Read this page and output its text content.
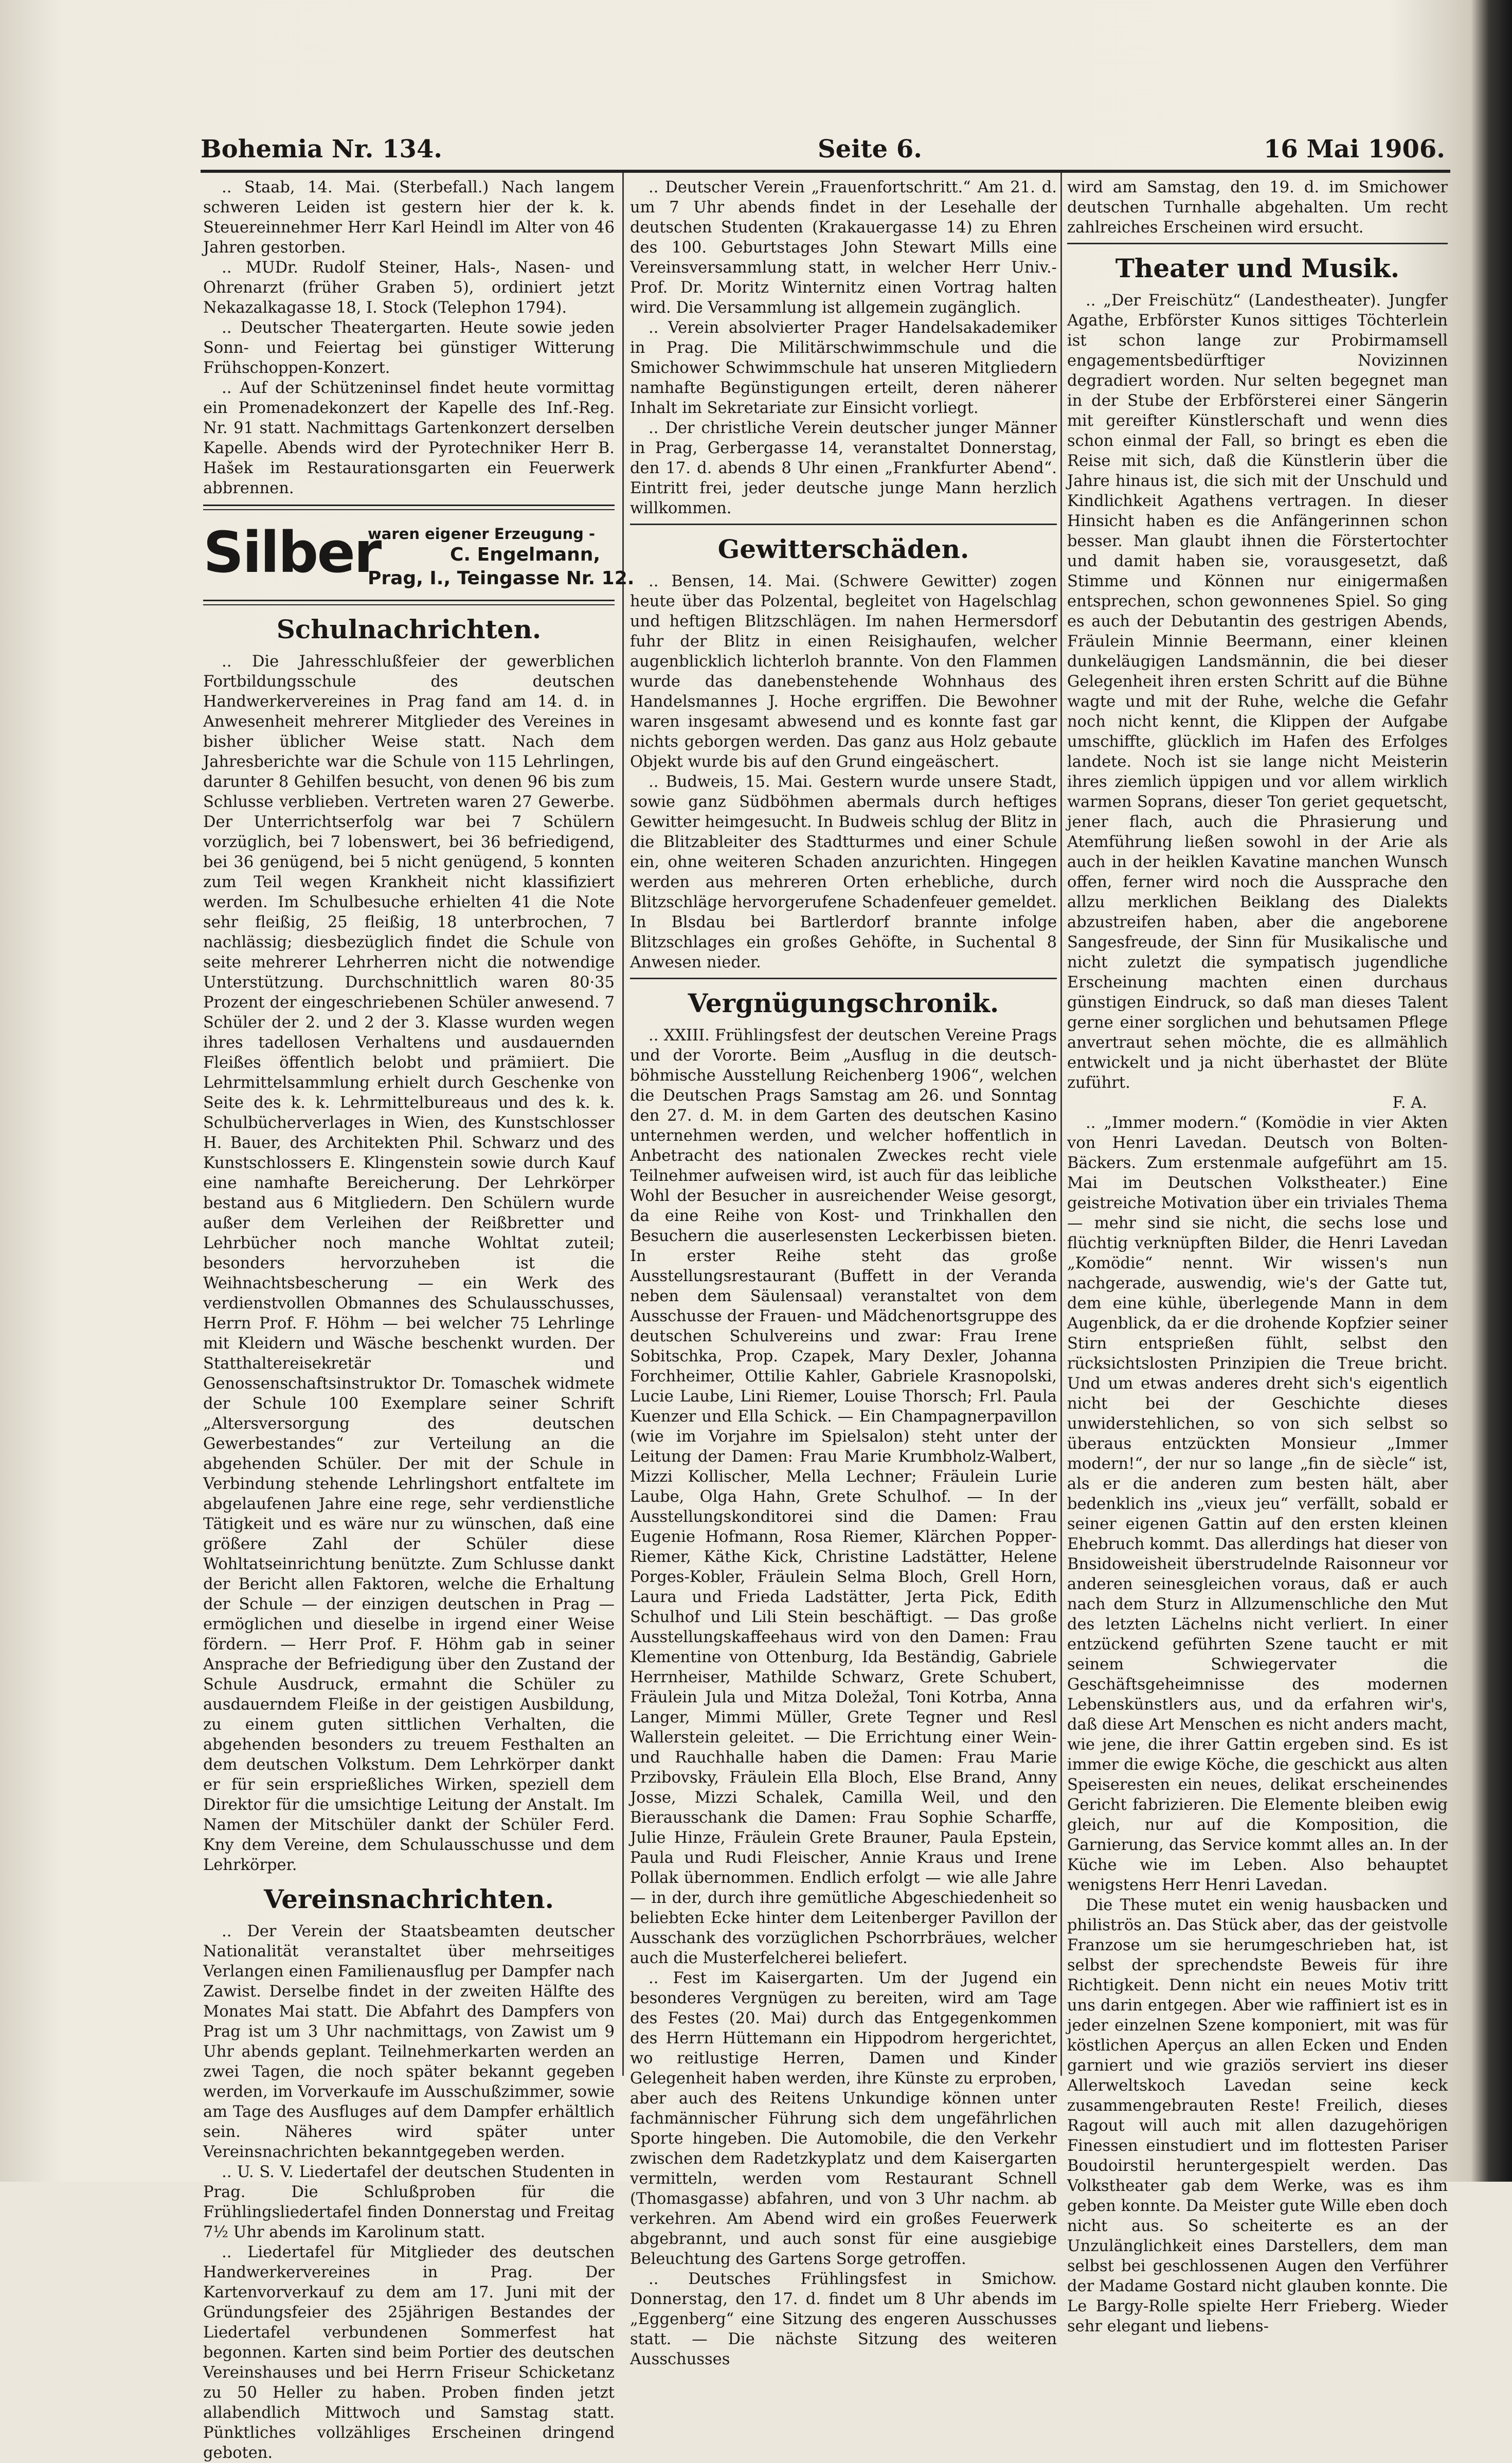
Bohemia Nr. 134.	Seite 6.	16 Mai 1906.

.. Staab, 14. Mai. (Sterbefall.) Nach langem schweren Leiden ist gestern hier der k. k. Steuereinnehmer Herr Karl Heindl im Alter von 46 Jahren gestorben.

.. MUDr. Rudolf Steiner, Hals-, Nasen- und Ohrenarzt (früher Graben 5), ordiniert jetzt Nekazalkagasse 18, I. Stock (Telephon 1794).

.. Deutscher Theatergarten. Heute sowie jeden Sonn- und Feiertag bei günstiger Witterung Frühschoppen-Konzert.

.. Auf der Schützeninsel findet heute vormittag ein Promenadekonzert der Kapelle des Inf.-Reg. Nr. 91 statt. Nachmittags Gartenkonzert derselben Kapelle. Abends wird der Pyrotechniker Herr B. Hašek im Restaurationsgarten ein Feuerwerk abbrennen.

Silber
waren eigener Erzeugung -
C. Engelmann,
Prag, I., Teingasse Nr. 12.
Schulnachrichten.

.. Die Jahresschlußfeier der gewerblichen Fortbildungsschule des deutschen Handwerkervereines in Prag fand am 14. d. in Anwesenheit mehrerer Mitglieder des Vereines in bisher üblicher Weise statt. Nach dem Jahresberichte war die Schule von 115 Lehrlingen, darunter 8 Gehilfen besucht, von denen 96 bis zum Schlusse verblieben. Vertreten waren 27 Gewerbe. Der Unterrichtserfolg war bei 7 Schülern vorzüglich, bei 7 lobenswert, bei 36 befriedigend, bei 36 genügend, bei 5 nicht genügend, 5 konnten zum Teil wegen Krankheit nicht klassifiziert werden. Im Schulbesuche erhielten 41 die Note sehr fleißig, 25 fleißig, 18 unterbrochen, 7 nachlässig; diesbezüglich findet die Schule von seite mehrerer Lehrherren nicht die notwendige Unterstützung. Durchschnittlich waren 80·35 Prozent der eingeschriebenen Schüler anwesend. 7 Schüler der 2. und 2 der 3. Klasse wurden wegen ihres tadellosen Verhaltens und ausdauernden Fleißes öffentlich belobt und prämiiert. Die Lehrmittelsammlung erhielt durch Geschenke von Seite des k. k. Lehrmittelbureaus und des k. k. Schulbücherverlages in Wien, des Kunstschlosser H. Bauer, des Architekten Phil. Schwarz und des Kunstschlossers E. Klingenstein sowie durch Kauf eine namhafte Bereicherung. Der Lehrkörper bestand aus 6 Mitgliedern. Den Schülern wurde außer dem Verleihen der Reißbretter und Lehrbücher noch manche Wohltat zuteil; besonders hervorzuheben ist die Weihnachtsbescherung — ein Werk des verdienstvollen Obmannes des Schulausschusses, Herrn Prof. F. Höhm — bei welcher 75 Lehrlinge mit Kleidern und Wäsche beschenkt wurden. Der Statthaltereisekretär und Genossenschaftsinstruktor Dr. Tomaschek widmete der Schule 100 Exemplare seiner Schrift „Altersversorgung des deutschen Gewerbestandes“ zur Verteilung an die abgehenden Schüler. Der mit der Schule in Verbindung stehende Lehrlingshort entfaltete im abgelaufenen Jahre eine rege, sehr verdienstliche Tätigkeit und es wäre nur zu wünschen, daß eine größere Zahl der Schüler diese Wohltatseinrichtung benützte. Zum Schlusse dankt der Bericht allen Faktoren, welche die Erhaltung der Schule — der einzigen deutschen in Prag — ermöglichen und dieselbe in irgend einer Weise fördern. — Herr Prof. F. Höhm gab in seiner Ansprache der Befriedigung über den Zustand der Schule Ausdruck, ermahnt die Schüler zu ausdauerndem Fleiße in der geistigen Ausbildung, zu einem guten sittlichen Verhalten, die abgehenden besonders zu treuem Festhalten an dem deutschen Volkstum. Dem Lehrkörper dankt er für sein ersprießliches Wirken, speziell dem Direktor für die umsichtige Leitung der Anstalt. Im Namen der Mitschüler dankt der Schüler Ferd. Kny dem Vereine, dem Schulausschusse und dem Lehrkörper.

Vereinsnachrichten.

.. Der Verein der Staatsbeamten deutscher Nationalität veranstaltet über mehrseitiges Verlangen einen Familienausflug per Dampfer nach Zawist. Derselbe findet in der zweiten Hälfte des Monates Mai statt. Die Abfahrt des Dampfers von Prag ist um 3 Uhr nachmittags, von Zawist um 9 Uhr abends geplant. Teilnehmerkarten werden an zwei Tagen, die noch später bekannt gegeben werden, im Vorverkaufe im Ausschußzimmer, sowie am Tage des Ausfluges auf dem Dampfer erhältlich sein. Näheres wird später unter Vereinsnachrichten bekanntgegeben werden.

.. U. S. V. Liedertafel der deutschen Studenten in Prag. Die Schlußproben für die Frühlingsliedertafel finden Donnerstag und Freitag 7½ Uhr abends im Karolinum statt.

.. Liedertafel für Mitglieder des deutschen Handwerkervereines in Prag. Der Kartenvorverkauf zu dem am 17. Juni mit der Gründungsfeier des 25jährigen Bestandes der Liedertafel verbundenen Sommerfest hat begonnen. Karten sind beim Portier des deutschen Vereinshauses und bei Herrn Friseur Schicketanz zu 50 Heller zu haben. Proben finden jetzt allabendlich Mittwoch und Samstag statt. Pünktliches vollzähliges Erscheinen dringend geboten.

.. Deutscher Verein „Frauenfortschritt.“ Am 21. d. um 7 Uhr abends findet in der Lesehalle der deutschen Studenten (Krakauergasse 14) zu Ehren des 100. Geburtstages John Stewart Mills eine Vereinsversammlung statt, in welcher Herr Univ.-Prof. Dr. Moritz Winternitz einen Vortrag halten wird. Die Versammlung ist allgemein zugänglich.

.. Verein absolvierter Prager Handelsakademiker in Prag. Die Militärschwimmschule und die Smichower Schwimmschule hat unseren Mitgliedern namhafte Begünstigungen erteilt, deren näherer Inhalt im Sekretariate zur Einsicht vorliegt.

.. Der christliche Verein deutscher junger Männer in Prag, Gerbergasse 14, veranstaltet Donnerstag, den 17. d. abends 8 Uhr einen „Frankfurter Abend“. Eintritt frei, jeder deutsche junge Mann herzlich willkommen.

Gewitterschäden.

.. Bensen, 14. Mai. (Schwere Gewitter) zogen heute über das Polzental, begleitet von Hagelschlag und heftigen Blitzschlägen. Im nahen Hermersdorf fuhr der Blitz in einen Reisighaufen, welcher augenblicklich lichterloh brannte. Von den Flammen wurde das danebenstehende Wohnhaus des Handelsmannes J. Hoche ergriffen. Die Bewohner waren insgesamt abwesend und es konnte fast gar nichts geborgen werden. Das ganz aus Holz gebaute Objekt wurde bis auf den Grund eingeäschert.

.. Budweis, 15. Mai. Gestern wurde unsere Stadt, sowie ganz Südböhmen abermals durch heftiges Gewitter heimgesucht. In Budweis schlug der Blitz in die Blitzableiter des Stadtturmes und einer Schule ein, ohne weiteren Schaden anzurichten. Hingegen werden aus mehreren Orten erhebliche, durch Blitzschläge hervorgerufene Schadenfeuer gemeldet. In Blsdau bei Bartlerdorf brannte infolge Blitzschlages ein großes Gehöfte, in Suchental 8 Anwesen nieder.

Vergnügungschronik.

.. XXIII. Frühlingsfest der deutschen Vereine Prags und der Vororte. Beim „Ausflug in die deutsch-böhmische Ausstellung Reichenberg 1906“, welchen die Deutschen Prags Samstag am 26. und Sonntag den 27. d. M. in dem Garten des deutschen Kasino unternehmen werden, und welcher hoffentlich in Anbetracht des nationalen Zweckes recht viele Teilnehmer aufweisen wird, ist auch für das leibliche Wohl der Besucher in ausreichender Weise gesorgt, da eine Reihe von Kost- und Trinkhallen den Besuchern die auserlesensten Leckerbissen bieten. In erster Reihe steht das große Ausstellungsrestaurant (Buffett in der Veranda neben dem Säulensaal) veranstaltet von dem Ausschusse der Frauen- und Mädchenortsgruppe des deutschen Schulvereins und zwar: Frau Irene Sobitschka, Prop. Czapek, Mary Dexler, Johanna Forchheimer, Ottilie Kahler, Gabriele Krasnopolski, Lucie Laube, Lini Riemer, Louise Thorsch; Frl. Paula Kuenzer und Ella Schick. — Ein Champagnerpavillon (wie im Vorjahre im Spielsalon) steht unter der Leitung der Damen: Frau Marie Krumbholz-Walbert, Mizzi Kollischer, Mella Lechner; Fräulein Lurie Laube, Olga Hahn, Grete Schulhof. — In der Ausstellungskonditorei sind die Damen: Frau Eugenie Hofmann, Rosa Riemer, Klärchen Popper-Riemer, Käthe Kick, Christine Ladstätter, Helene Porges-Kobler, Fräulein Selma Bloch, Grell Horn, Laura und Frieda Ladstätter, Jerta Pick, Edith Schulhof und Lili Stein beschäftigt. — Das große Ausstellungskaffeehaus wird von den Damen: Frau Klementine von Ottenburg, Ida Beständig, Gabriele Herrnheiser, Mathilde Schwarz, Grete Schubert, Fräulein Jula und Mitza Doležal, Toni Kotrba, Anna Langer, Mimmi Müller, Grete Tegner und Resl Wallerstein geleitet. — Die Errichtung einer Wein- und Rauchhalle haben die Damen: Frau Marie Przibovsky, Fräulein Ella Bloch, Else Brand, Anny Josse, Mizzi Schalek, Camilla Weil, und den Bierausschank die Damen: Frau Sophie Scharffe, Julie Hinze, Fräulein Grete Brauner, Paula Epstein, Paula und Rudi Fleischer, Annie Kraus und Irene Pollak übernommen. Endlich erfolgt — wie alle Jahre — in der, durch ihre gemütliche Abgeschiedenheit so beliebten Ecke hinter dem Leitenberger Pavillon der Ausschank des vorzüglichen Pschorrbräues, welcher auch die Musterfelcherei beliefert.

.. Fest im Kaisergarten. Um der Jugend ein besonderes Vergnügen zu bereiten, wird am Tage des Festes (20. Mai) durch das Entgegenkommen des Herrn Hüttemann ein Hippodrom hergerichtet, wo reitlustige Herren, Damen und Kinder Gelegenheit haben werden, ihre Künste zu erproben, aber auch des Reitens Unkundige können unter fachmännischer Führung sich dem ungefährlichen Sporte hingeben. Die Automobile, die den Verkehr zwischen dem Radetzkyplatz und dem Kaisergarten vermitteln, werden vom Restaurant Schnell (Thomasgasse) abfahren, und von 3 Uhr nachm. ab verkehren. Am Abend wird ein großes Feuerwerk abgebrannt, und auch sonst für eine ausgiebige Beleuchtung des Gartens Sorge getroffen.

.. Deutsches Frühlingsfest in Smichow. Donnerstag, den 17. d. findet um 8 Uhr abends im „Eggenberg“ eine Sitzung des engeren Ausschusses statt. — Die nächste Sitzung des weiteren Ausschusses

wird am Samstag, den 19. d. im Smichower deutschen Turnhalle abgehalten. Um recht zahlreiches Erscheinen wird ersucht.

Theater und Musik.

.. „Der Freischütz“ (Landestheater). Jungfer Agathe, Erbförster Kunos sittiges Töchterlein ist schon lange zur Probirmamsell engagementsbedürftiger Novizinnen degradiert worden. Nur selten begegnet man in der Stube der Erbförsterei einer Sängerin mit gereifter Künstlerschaft und wenn dies schon einmal der Fall, so bringt es eben die Reise mit sich, daß die Künstlerin über die Jahre hinaus ist, die sich mit der Unschuld und Kindlichkeit Agathens vertragen. In dieser Hinsicht haben es die Anfängerinnen schon besser. Man glaubt ihnen die Förstertochter und damit haben sie, vorausgesetzt, daß Stimme und Können nur einigermaßen entsprechen, schon gewonnenes Spiel. So ging es auch der Debutantin des gestrigen Abends, Fräulein Minnie Beermann, einer kleinen dunkeläugigen Landsmännin, die bei dieser Gelegenheit ihren ersten Schritt auf die Bühne wagte und mit der Ruhe, welche die Gefahr noch nicht kennt, die Klippen der Aufgabe umschiffte, glücklich im Hafen des Erfolges landete. Noch ist sie lange nicht Meisterin ihres ziemlich üppigen und vor allem wirklich warmen Soprans, dieser Ton geriet gequetscht, jener flach, auch die Phrasierung und Atemführung ließen sowohl in der Arie als auch in der heiklen Kavatine manchen Wunsch offen, ferner wird noch die Aussprache den allzu merklichen Beiklang des Dialekts abzustreifen haben, aber die angeborene Sangesfreude, der Sinn für Musikalische und nicht zuletzt die sympatisch jugendliche Erscheinung machten einen durchaus günstigen Eindruck, so daß man dieses Talent gerne einer sorglichen und behutsamen Pflege anvertraut sehen möchte, die es allmählich entwickelt und ja nicht überhastet der Blüte zuführt.

F. A.

.. „Immer modern.“ (Komödie in vier Akten von Henri Lavedan. Deutsch von Bolten-Bäckers. Zum erstenmale aufgeführt am 15. Mai im Deutschen Volkstheater.) Eine geistreiche Motivation über ein triviales Thema — mehr sind sie nicht, die sechs lose und flüchtig verknüpften Bilder, die Henri Lavedan „Komödie“ nennt. Wir wissen's nun nachgerade, auswendig, wie's der Gatte tut, dem eine kühle, überlegende Mann in dem Augenblick, da er die drohende Kopfzier seiner Stirn entsprießen fühlt, selbst den rücksichtslosten Prinzipien die Treue bricht. Und um etwas anderes dreht sich's eigentlich nicht bei der Geschichte dieses unwiderstehlichen, so von sich selbst so überaus entzückten Monsieur „Immer modern!“, der nur so lange „fin de siècle“ ist, als er die anderen zum besten hält, aber bedenklich ins „vieux jeu“ verfällt, sobald er seiner eigenen Gattin auf den ersten kleinen Ehebruch kommt. Das allerdings hat dieser von Bnsidoweisheit überstrudelnde Raisonneur vor anderen seinesgleichen voraus, daß er auch nach dem Sturz in Allzumenschliche den Mut des letzten Lächelns nicht verliert. In einer entzückend geführten Szene taucht er mit seinem Schwiegervater die Geschäftsgeheimnisse des modernen Lebenskünstlers aus, und da erfahren wir's, daß diese Art Menschen es nicht anders macht, wie jene, die ihrer Gattin ergeben sind. Es ist immer die ewige Köche, die geschickt aus alten Speiseresten ein neues, delikat erscheinendes Gericht fabrizieren. Die Elemente bleiben ewig gleich, nur auf die Komposition, die Garnierung, das Service kommt alles an. In der Küche wie im Leben. Also behauptet wenigstens Herr Henri Lavedan.

Die These mutet ein wenig hausbacken und philiströs an. Das Stück aber, das der geistvolle Franzose um sie herumgeschrieben hat, ist selbst der sprechendste Beweis für ihre Richtigkeit. Denn nicht ein neues Motiv tritt uns darin entgegen. Aber wie raffiniert ist es in jeder einzelnen Szene komponiert, mit was für köstlichen Aperçus an allen Ecken und Enden garniert und wie graziös serviert ins dieser Allerweltskoch Lavedan seine keck zusammengebrauten Reste! Freilich, dieses Ragout will auch mit allen dazugehörigen Finessen einstudiert und im flottesten Pariser Boudoirstil heruntergespielt werden. Das Volkstheater gab dem Werke, was es ihm geben konnte. Da Meister gute Wille eben doch nicht aus. So scheiterte es an der Unzulänglichkeit eines Darstellers, dem man selbst bei geschlossenen Augen den Verführer der Madame Gostard nicht glauben konnte. Die Le Bargy-Rolle spielte Herr Frieberg. Wieder sehr elegant und liebens-
